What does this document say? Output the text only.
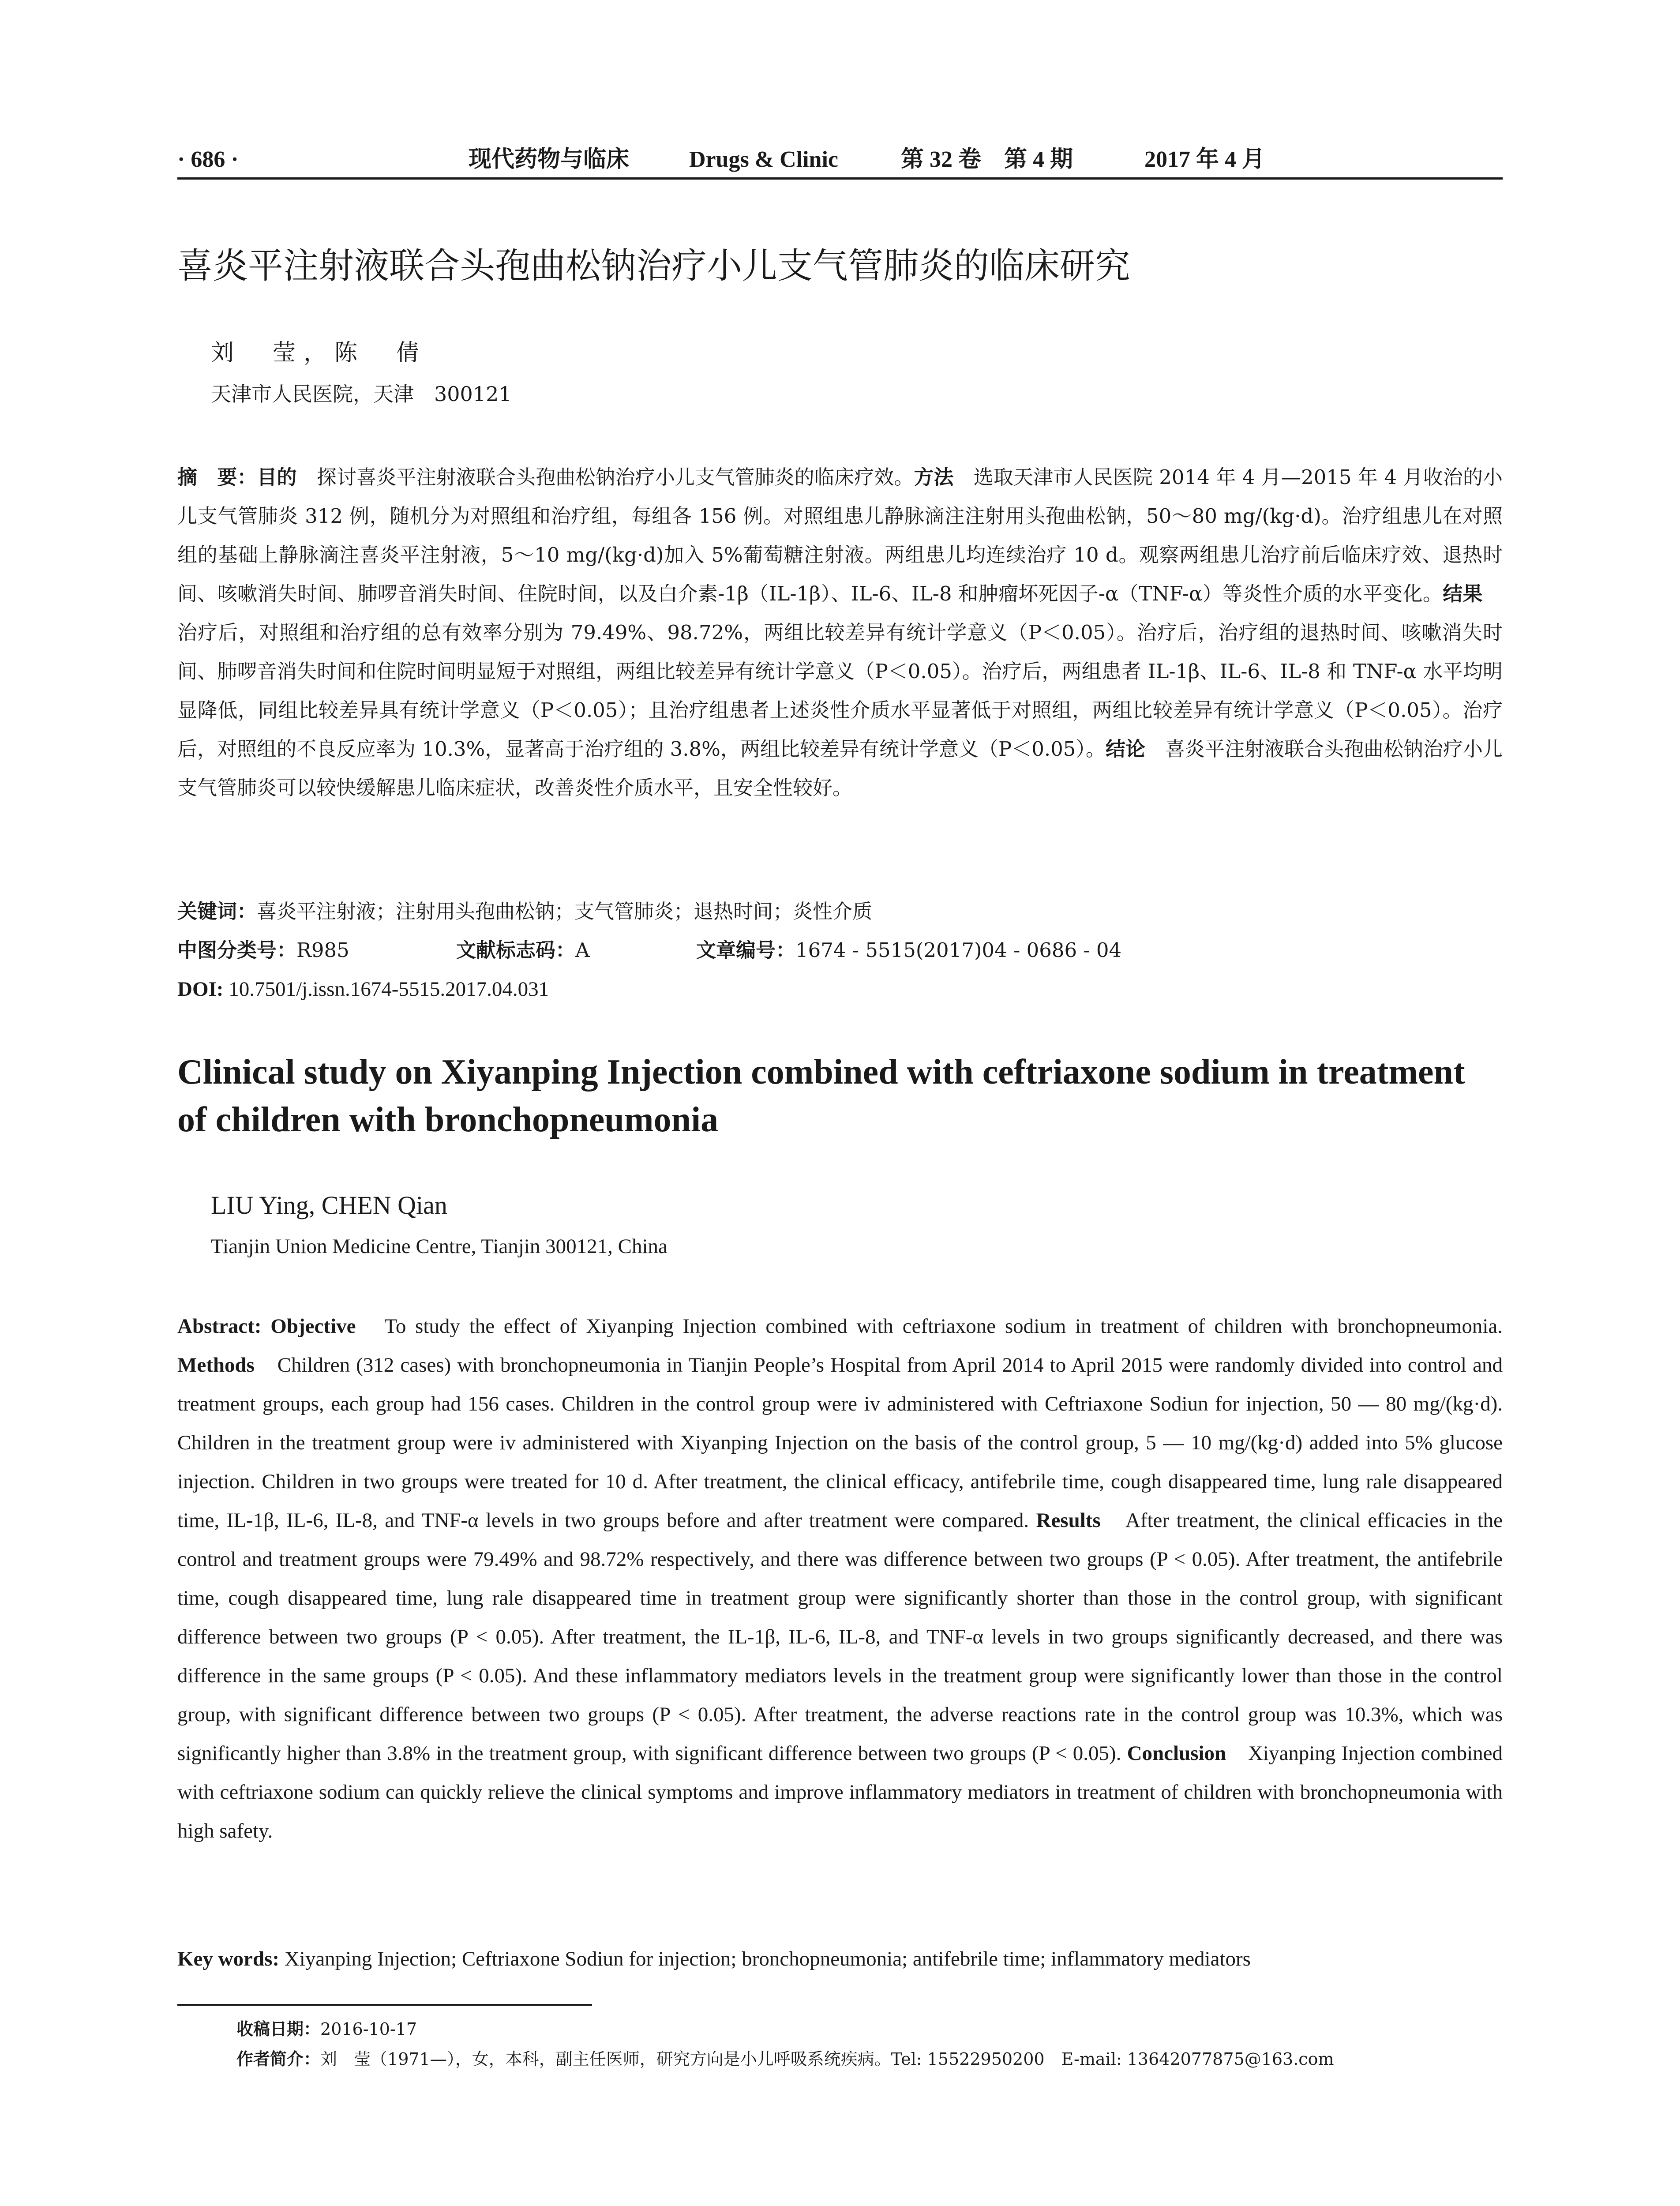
· 686 ·	现代药物与临床	Drugs & Clinic	第 32 卷　第 4 期	2017 年 4 月
喜炎平注射液联合头孢曲松钠治疗小儿支气管肺炎的临床研究
刘　莹，陈　倩
天津市人民医院，天津　300121

摘　要：目的　探讨喜炎平注射液联合头孢曲松钠治疗小儿支气管肺炎的临床疗效。方法　选取天津市人民医院 2014 年 4 月—2015 年 4 月收治的小儿支气管肺炎 312 例，随机分为对照组和治疗组，每组各 156 例。对照组患儿静脉滴注注射用头孢曲松钠，50～80 mg/(kg·d)。治疗组患儿在对照组的基础上静脉滴注喜炎平注射液，5～10 mg/(kg·d)加入 5%葡萄糖注射液。两组患儿均连续治疗 10 d。观察两组患儿治疗前后临床疗效、退热时间、咳嗽消失时间、肺啰音消失时间、住院时间，以及白介素-1β（IL-1β）、IL-6、IL-8 和肿瘤坏死因子-α（TNF-α）等炎性介质的水平变化。结果　治疗后，对照组和治疗组的总有效率分别为 79.49%、98.72%，两组比较差异有统计学意义（P＜0.05）。治疗后，治疗组的退热时间、咳嗽消失时间、肺啰音消失时间和住院时间明显短于对照组，两组比较差异有统计学意义（P＜0.05）。治疗后，两组患者 IL-1β、IL-6、IL-8 和 TNF-α 水平均明显降低，同组比较差异具有统计学意义（P＜0.05）；且治疗组患者上述炎性介质水平显著低于对照组，两组比较差异有统计学意义（P＜0.05）。治疗后，对照组的不良反应率为 10.3%，显著高于治疗组的 3.8%，两组比较差异有统计学意义（P＜0.05）。结论　喜炎平注射液联合头孢曲松钠治疗小儿支气管肺炎可以较快缓解患儿临床症状，改善炎性介质水平，且安全性较好。

关键词：喜炎平注射液；注射用头孢曲松钠；支气管肺炎；退热时间；炎性介质
中图分类号：R985	文献标志码：A	文章编号：1674 - 5515(2017)04 - 0686 - 04
DOI: 10.7501/j.issn.1674-5515.2017.04.031
Clinical study on Xiyanping Injection combined with ceftriaxone sodium in treatment of children with bronchopneumonia
LIU Ying, CHEN Qian
Tianjin Union Medicine Centre, Tianjin 300121, China

Abstract: Objective　To study the effect of Xiyanping Injection combined with ceftriaxone sodium in treatment of children with bronchopneumonia. Methods　Children (312 cases) with bronchopneumonia in Tianjin People’s Hospital from April 2014 to April 2015 were randomly divided into control and treatment groups, each group had 156 cases. Children in the control group were iv administered with Ceftriaxone Sodiun for injection, 50 — 80 mg/(kg·d). Children in the treatment group were iv administered with Xiyanping Injection on the basis of the control group, 5 — 10 mg/(kg·d) added into 5% glucose injection. Children in two groups were treated for 10 d. After treatment, the clinical efficacy, antifebrile time, cough disappeared time, lung rale disappeared time, IL-1β, IL-6, IL-8, and TNF-α levels in two groups before and after treatment were compared. Results　After treatment, the clinical efficacies in the control and treatment groups were 79.49% and 98.72% respectively, and there was difference between two groups (P < 0.05). After treatment, the antifebrile time, cough disappeared time, lung rale disappeared time in treatment group were significantly shorter than those in the control group, with significant difference between two groups (P < 0.05). After treatment, the IL-1β, IL-6, IL-8, and TNF-α levels in two groups significantly decreased, and there was difference in the same groups (P < 0.05). And these inflammatory mediators levels in the treatment group were significantly lower than those in the control group, with significant difference between two groups (P < 0.05). After treatment, the adverse reactions rate in the control group was 10.3%, which was significantly higher than 3.8% in the treatment group, with significant difference between two groups (P < 0.05). Conclusion　Xiyanping Injection combined with ceftriaxone sodium can quickly relieve the clinical symptoms and improve inflammatory mediators in treatment of children with bronchopneumonia with high safety.

Key words: Xiyanping Injection; Ceftriaxone Sodiun for injection; bronchopneumonia; antifebrile time; inflammatory mediators
收稿日期：2016-10-17
作者简介：刘　莹（1971—），女，本科，副主任医师，研究方向是小儿呼吸系统疾病。Tel: 15522950200　E-mail: 13642077875@163.com
